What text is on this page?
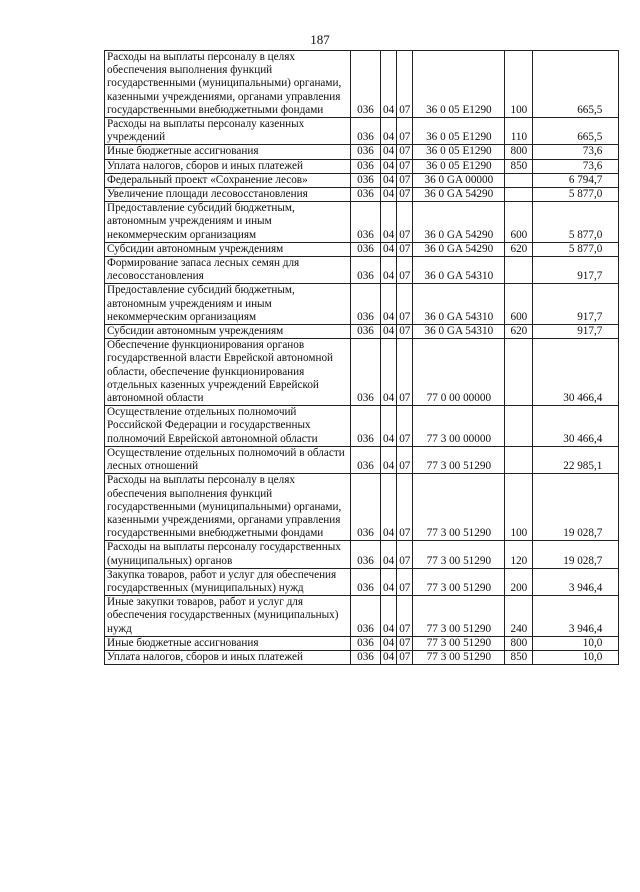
187
Расходы на выплаты персоналу в целях обеспечения выполнения функций государственными (муниципальными) органами, казенными учреждениями, органами управления государственными внебюджетными фондами	036	04	07	36 0 05 E1290	100	665,5
Расходы на выплаты персоналу казенных учреждений	036	04	07	36 0 05 E1290	110	665,5
Иные бюджетные ассигнования	036	04	07	36 0 05 E1290	800	73,6
Уплата налогов, сборов и иных платежей	036	04	07	36 0 05 E1290	850	73,6
Федеральный проект «Сохранение лесов»	036	04	07	36 0 GA 00000		6 794,7
Увеличение площади лесовосстановления	036	04	07	36 0 GA 54290		5 877,0
Предоставление субсидий бюджетным, автономным учреждениям и иным некоммерческим организациям	036	04	07	36 0 GA 54290	600	5 877,0
Субсидии автономным учреждениям	036	04	07	36 0 GA 54290	620	5 877,0
Формирование запаса лесных семян для лесовосстановления	036	04	07	36 0 GA 54310		917,7
Предоставление субсидий бюджетным, автономным учреждениям и иным некоммерческим организациям	036	04	07	36 0 GA 54310	600	917,7
Субсидии автономным учреждениям	036	04	07	36 0 GA 54310	620	917,7
Обеспечение функционирования органов государственной власти Еврейской автономной области, обеспечение функционирования отдельных казенных учреждений Еврейской автономной области	036	04	07	77 0 00 00000		30 466,4
Осуществление отдельных полномочий Российской Федерации и государственных полномочий Еврейской автономной области	036	04	07	77 3 00 00000		30 466,4
Осуществление отдельных полномочий в области лесных отношений	036	04	07	77 3 00 51290		22 985,1
Расходы на выплаты персоналу в целях обеспечения выполнения функций государственными (муниципальными) органами, казенными учреждениями, органами управления государственными внебюджетными фондами	036	04	07	77 3 00 51290	100	19 028,7
Расходы на выплаты персоналу государственных (муниципальных) органов	036	04	07	77 3 00 51290	120	19 028,7
Закупка товаров, работ и услуг для обеспечения государственных (муниципальных) нужд	036	04	07	77 3 00 51290	200	3 946,4
Иные закупки товаров, работ и услуг для обеспечения государственных (муниципальных) нужд	036	04	07	77 3 00 51290	240	3 946,4
Иные бюджетные ассигнования	036	04	07	77 3 00 51290	800	10,0
Уплата налогов, сборов и иных платежей	036	04	07	77 3 00 51290	850	10,0
